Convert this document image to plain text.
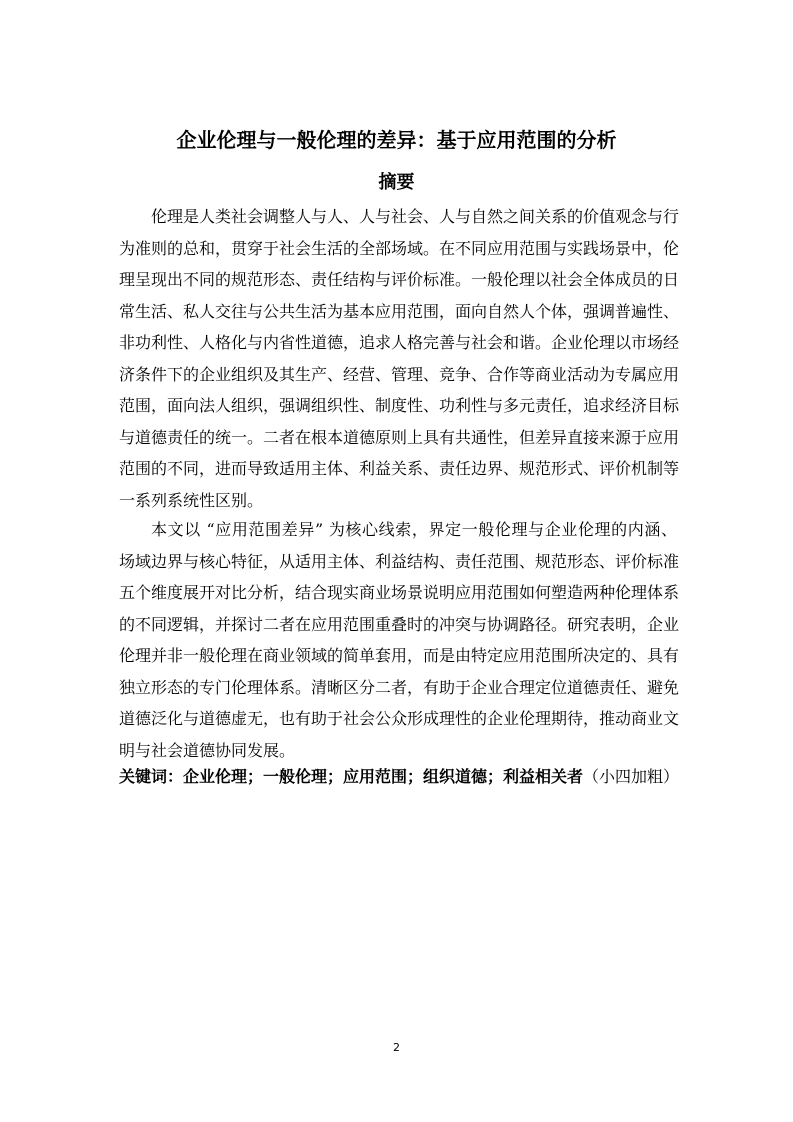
企业伦理与一般伦理的差异：基于应用范围的分析
摘要
伦理是人类社会调整人与人、人与社会、人与自然之间关系的价值观念与行
为准则的总和，贯穿于社会生活的全部场域。在不同应用范围与实践场景中，伦
理呈现出不同的规范形态、责任结构与评价标准。一般伦理以社会全体成员的日
常生活、私人交往与公共生活为基本应用范围，面向自然人个体，强调普遍性、
非功利性、人格化与内省性道德，追求人格完善与社会和谐。企业伦理以市场经
济条件下的企业组织及其生产、经营、管理、竞争、合作等商业活动为专属应用
范围，面向法人组织，强调组织性、制度性、功利性与多元责任，追求经济目标
与道德责任的统一。二者在根本道德原则上具有共通性，但差异直接来源于应用
范围的不同，进而导致适用主体、利益关系、责任边界、规范形式、评价机制等
一系列系统性区别。
本文以 “应用范围差异” 为核心线索，界定一般伦理与企业伦理的内涵、
场域边界与核心特征，从适用主体、利益结构、责任范围、规范形态、评价标准
五个维度展开对比分析，结合现实商业场景说明应用范围如何塑造两种伦理体系
的不同逻辑，并探讨二者在应用范围重叠时的冲突与协调路径。研究表明，企业
伦理并非一般伦理在商业领域的简单套用，而是由特定应用范围所决定的、具有
独立形态的专门伦理体系。清晰区分二者，有助于企业合理定位道德责任、避免
道德泛化与道德虚无，也有助于社会公众形成理性的企业伦理期待，推动商业文
明与社会道德协同发展。
关键词：企业伦理；一般伦理；应用范围；组织道德；利益相关者（小四加粗）
2
